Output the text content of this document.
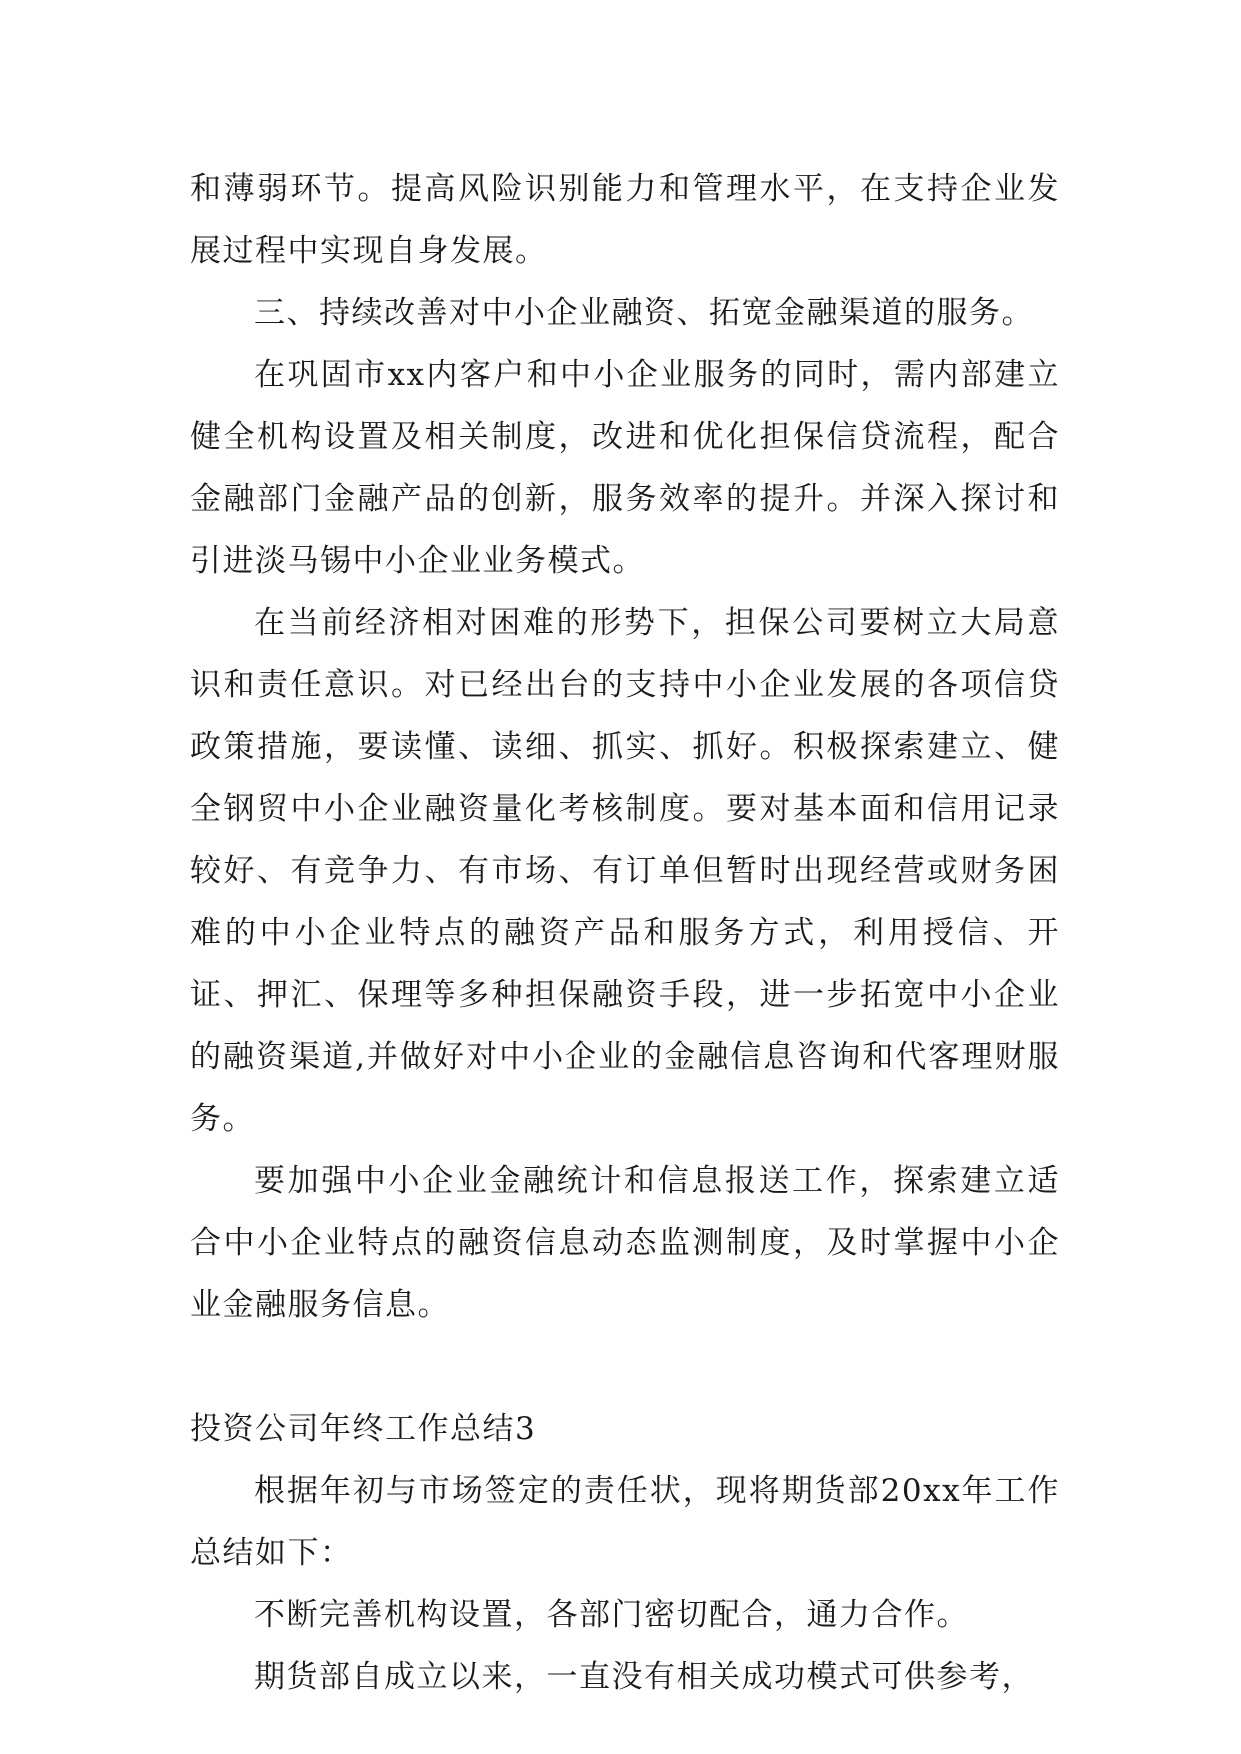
和薄弱环节。提高风险识别能力和管理水平，在支持企业发展过程中实现自身发展。

三、持续改善对中小企业融资、拓宽金融渠道的服务。

在巩固市xx内客户和中小企业服务的同时，需内部建立健全机构设置及相关制度，改进和优化担保信贷流程，配合金融部门金融产品的创新，服务效率的提升。并深入探讨和引进淡马锡中小企业业务模式。

在当前经济相对困难的形势下，担保公司要树立大局意识和责任意识。对已经出台的支持中小企业发展的各项信贷政策措施，要读懂、读细、抓实、抓好。积极探索建立、健全钢贸中小企业融资量化考核制度。要对基本面和信用记录较好、有竞争力、有市场、有订单但暂时出现经营或财务困难的中小企业特点的融资产品和服务方式，利用授信、开证、押汇、保理等多种担保融资手段，进一步拓宽中小企业的融资渠道,并做好对中小企业的金融信息咨询和代客理财服务。

要加强中小企业金融统计和信息报送工作，探索建立适合中小企业特点的融资信息动态监测制度，及时掌握中小企业金融服务信息。

投资公司年终工作总结3

根据年初与市场签定的责任状，现将期货部20xx年工作总结如下：

不断完善机构设置，各部门密切配合，通力合作。

期货部自成立以来，一直没有相关成功模式可供参考，
